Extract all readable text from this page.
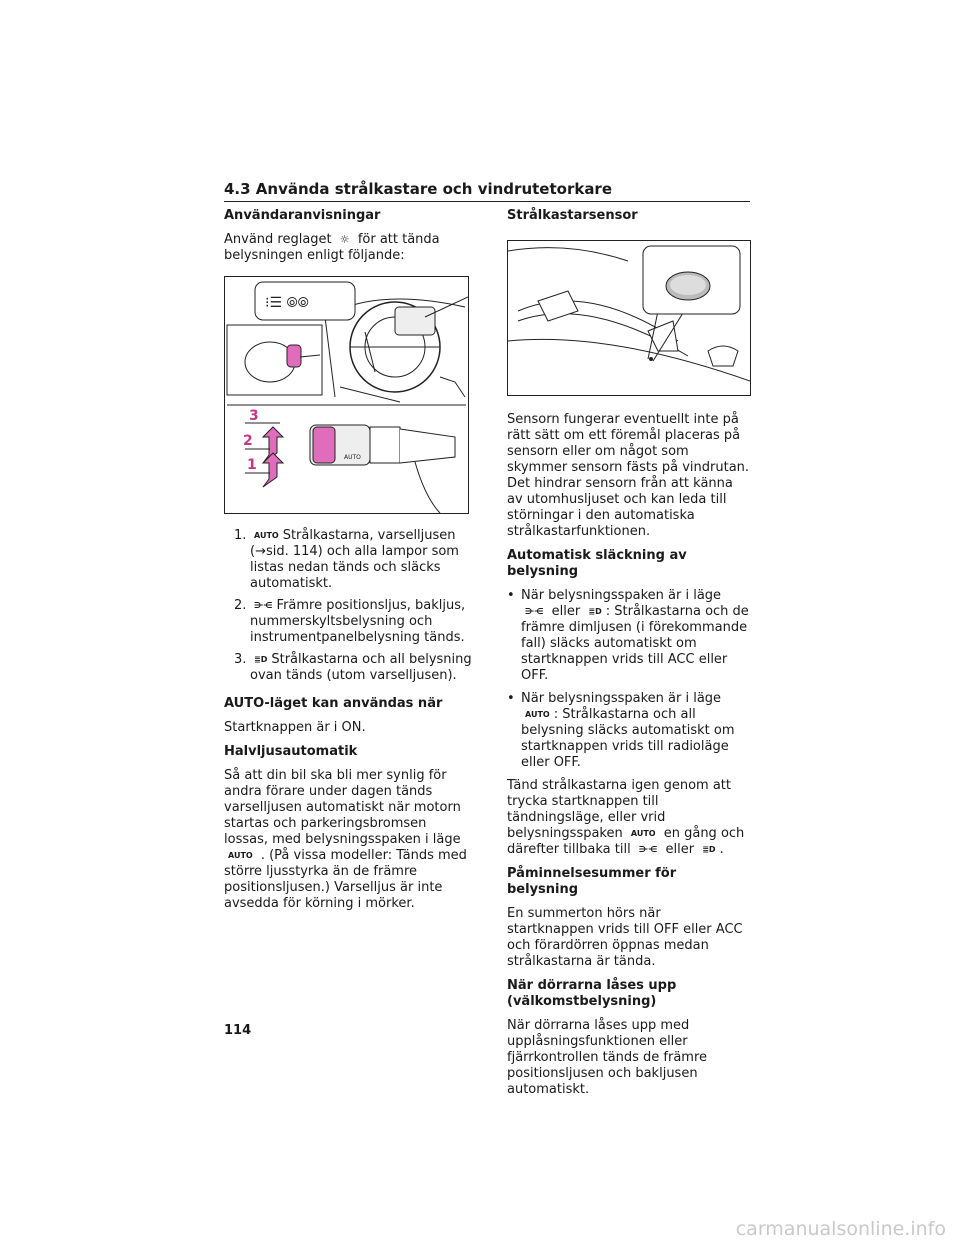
4.3 Använda strålkastare och vindrutetorkare
Användaranvisningar

Använd reglaget ☼ för att tända belysningen enligt följande:

⁝☰ ⦾⦾
AUTO
3
2
1
1. AUTO Strålkastarna, varselljusen (→sid. 114) och alla lampor som listas nedan tänds och släcks automatiskt.
2. ⋺⋲ Främre positionsljus, bakljus, nummerskyltsbelysning och instrumentpanelbelysning tänds.
3. ≣D Strålkastarna och all belysning ovan tänds (utom varselljusen).
AUTO-läget kan användas när

Startknappen är i ON.

Halvljusautomatik

Så att din bil ska bli mer synlig för andra förare under dagen tänds varselljusen automatiskt när motorn startas och parkeringsbromsen lossas, med belysningsspaken i läge AUTO . (På vissa modeller: Tänds med större ljusstyrka än de främre positionsljusen.) Varselljus är inte avsedda för körning i mörker.

Strålkastarsensor

Sensorn fungerar eventuellt inte på rätt sätt om ett föremål placeras på sensorn eller om något som skymmer sensorn fästs på vindrutan. Det hindrar sensorn från att känna av utomhusljuset och kan leda till störningar i den automatiska strålkastarfunktionen.

Automatisk släckning av belysning
• När belysningsspaken är i läge ⋺⋲ eller ≣D : Strålkastarna och de främre dimljusen (i förekommande fall) släcks automatiskt om startknappen vrids till ACC eller OFF.
• När belysningsspaken är i läge AUTO : Strålkastarna och all belysning släcks automatiskt om startknappen vrids till radioläge eller OFF.

Tänd strålkastarna igen genom att trycka startknappen till tändningsläge, eller vrid belysningsspaken AUTO en gång och därefter tillbaka till ⋺⋲ eller ≣D .

Påminnelsesummer för belysning

En summerton hörs när startknappen vrids till OFF eller ACC och förardörren öppnas medan strålkastarna är tända.

När dörrarna låses upp (välkomstbelysning)

När dörrarna låses upp med upplåsningsfunktionen eller fjärrkontrollen tänds de främre positionsljusen och bakljusen automatiskt.

114
carmanualsonline.info
